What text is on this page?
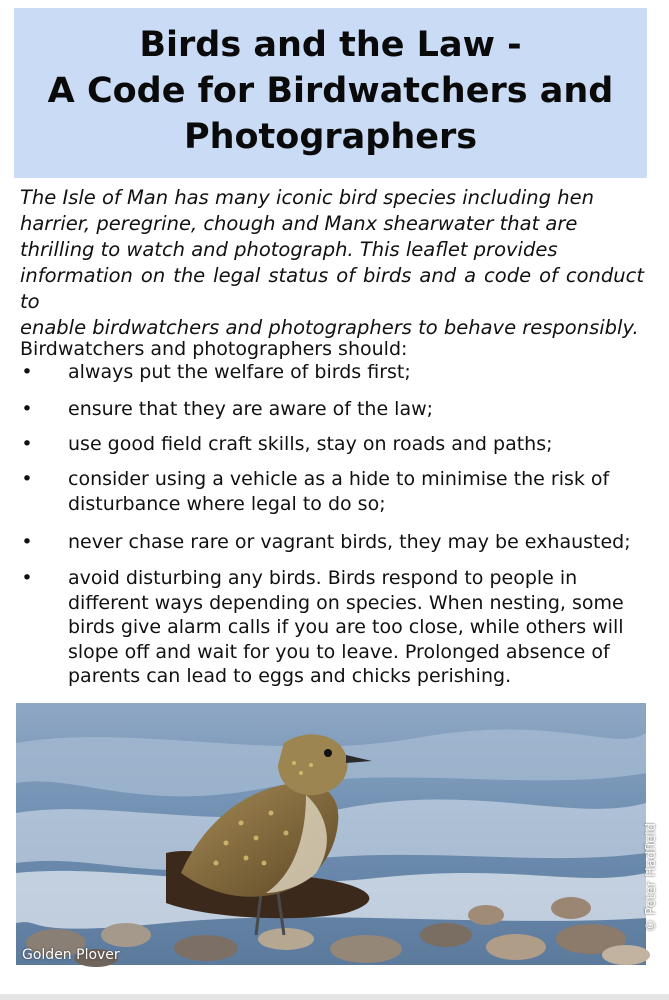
Birds and the Law -
A Code for Birdwatchers and
Photographers
The Isle of Man has many iconic bird species including hen
harrier, peregrine, chough and Manx shearwater that are
thrilling to watch and photograph. This leaflet provides
information on the legal status of birds and a code of conduct to
enable birdwatchers and photographers to behave responsibly.
Birdwatchers and photographers should:
• always put the welfare of birds first;
• ensure that they are aware of the law;
• use good field craft skills, stay on roads and paths;
• consider using a vehicle as a hide to minimise the risk of
disturbance where legal to do so;
• never chase rare or vagrant birds, they may be exhausted;
• avoid disturbing any birds. Birds respond to people in
different ways depending on species. When nesting, some
birds give alarm calls if you are too close, while others will
slope off and wait for you to leave. Prolonged absence of
parents can lead to eggs and chicks perishing.
Golden Plover
© Peter Hadfield
